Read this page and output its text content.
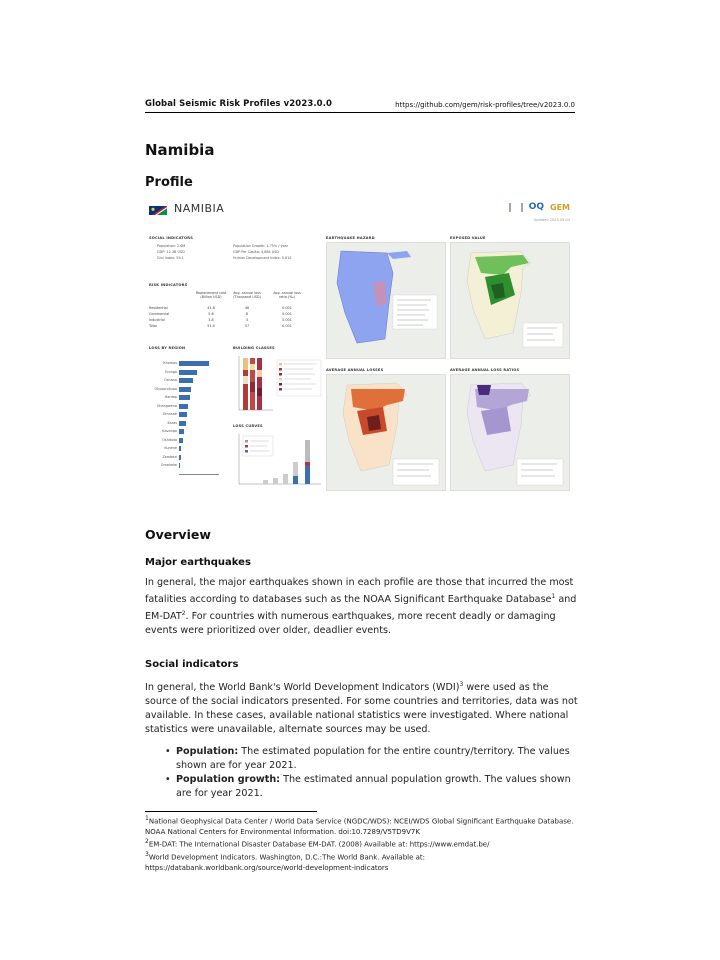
Global Seismic Risk Profiles v2023.0.0	https://github.com/gem/risk-profiles/tree/v2023.0.0
Namibia
Profile
NAMIBIA	OQ GEM
Updated 2023-03-04
SOCIAL INDICATORS
Population: 2.6M
GDP: 12.3B USD
Gini Index: 59.1
Population Growth: 1.75% / year
GDP Per Capita: 4,864 USD
Human Development Index: 0.615
RISK INDICATORS
Replacement cost (Billion USD)
Avg. annual loss (Thousand USD)
Avg. annual loss ratio (‰)
Residential	41.8	46	0.001
Commercial	5.8	8	0.001
Industrial	3.8	3	0.001
Total	51.4	57	0.001
LOSS BY REGION
Khomas
Erongo
Oshana
Otjozondjupa
Hardap
Ohangwena
Omusati
Karas
Kavango
Oshikoto
Kunene
Zambezi
Omaheke
BUILDING CLASSES
LOSS CURVES
EARTHQUAKE HAZARD	EXPOSED VALUE
AVERAGE ANNUAL LOSSES	AVERAGE ANNUAL LOSS RATIOS
Overview
Major earthquakes

In general, the major earthquakes shown in each profile are those that incurred the most fatalities according to databases such as the NOAA Significant Earthquake Database$^1$ and EM-DAT$^2$. For countries with numerous earthquakes, more recent deadly or damaging events were prioritized over older, deadlier events.

Social indicators

In general, the World Bank's World Development Indicators (WDI)$^3$ were used as the source of the social indicators presented. For some countries and territories, data was not available. In these cases, available national statistics were investigated. Where national statistics were unavailable, alternate sources may be used.

• Population: The estimated population for the entire country/territory. The values shown are for year 2021.
• Population growth: The estimated annual population growth. The values shown are for year 2021.

$^1$National Geophysical Data Center / World Data Service (NGDC/WDS): NCEI/WDS Global Significant Earthquake Database. NOAA National Centers for Environmental Information. doi:10.7289/V5TD9V7K

$^2$EM-DAT: The International Disaster Database EM-DAT. (2008) Available at: https://www.emdat.be/

$^3$World Development Indicators. Washington, D.C.:The World Bank. Available at: https://databank.worldbank.org/source/world-development-indicators
